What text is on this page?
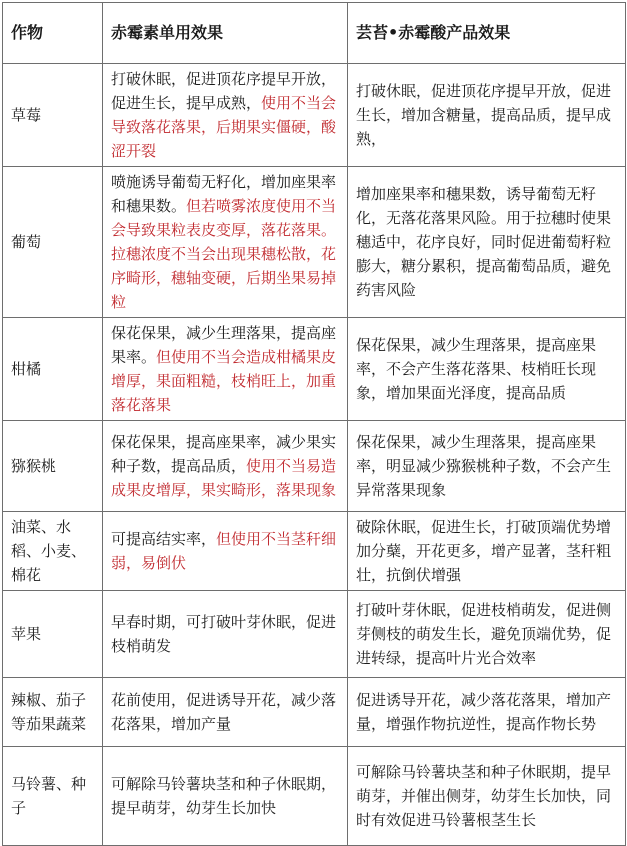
作物	赤霉素单用效果	芸苔•赤霉酸产品效果
草莓	打破休眠，促进顶花序提早开放，促进生长，提早成熟，使用不当会导致落花落果，后期果实僵硬，酸涩开裂	打破休眠，促进顶花序提早开放，促进生长，增加含糖量，提高品质，提早成熟，
葡萄	喷施诱导葡萄无籽化，增加座果率和穗果数。但若喷雾浓度使用不当会导致果粒表皮变厚，落花落果。拉穗浓度不当会出现果穗松散，花序畸形，穗轴变硬，后期坐果易掉粒	增加座果率和穗果数，诱导葡萄无籽化，无落花落果风险。用于拉穗时使果穗适中，花序良好，同时促进葡萄籽粒膨大，糖分累积，提高葡萄品质，避免药害风险
柑橘	保花保果，减少生理落果，提高座果率。但使用不当会造成柑橘果皮增厚，果面粗糙，枝梢旺上，加重落花落果	保花保果，减少生理落果，提高座果率，不会产生落花落果、枝梢旺长现象，增加果面光泽度，提高品质
猕猴桃	保花保果，提高座果率，减少果实种子数，提高品质，使用不当易造成果皮增厚，果实畸形，落果现象	保花保果，减少生理落果，提高座果率，明显减少猕猴桃种子数，不会产生异常落果现象
油菜、水稻、小麦、棉花	可提高结实率，但使用不当茎秆细弱，易倒伏	破除休眠，促进生长，打破顶端优势增加分蘖，开花更多，增产显著，茎秆粗壮，抗倒伏增强
苹果	早春时期，可打破叶芽休眠，促进枝梢萌发	打破叶芽休眠，促进枝梢萌发，促进侧芽侧枝的萌发生长，避免顶端优势，促进转绿，提高叶片光合效率
辣椒、茄子等茄果蔬菜	花前使用，促进诱导开花，减少落花落果，增加产量	促进诱导开花，减少落花落果，增加产量，增强作物抗逆性，提高作物长势
马铃薯、种子	可解除马铃薯块茎和种子休眠期，提早萌芽，幼芽生长加快	可解除马铃薯块茎和种子休眠期，提早萌芽，并催出侧芽，幼芽生长加快，同时有效促进马铃薯根茎生长
